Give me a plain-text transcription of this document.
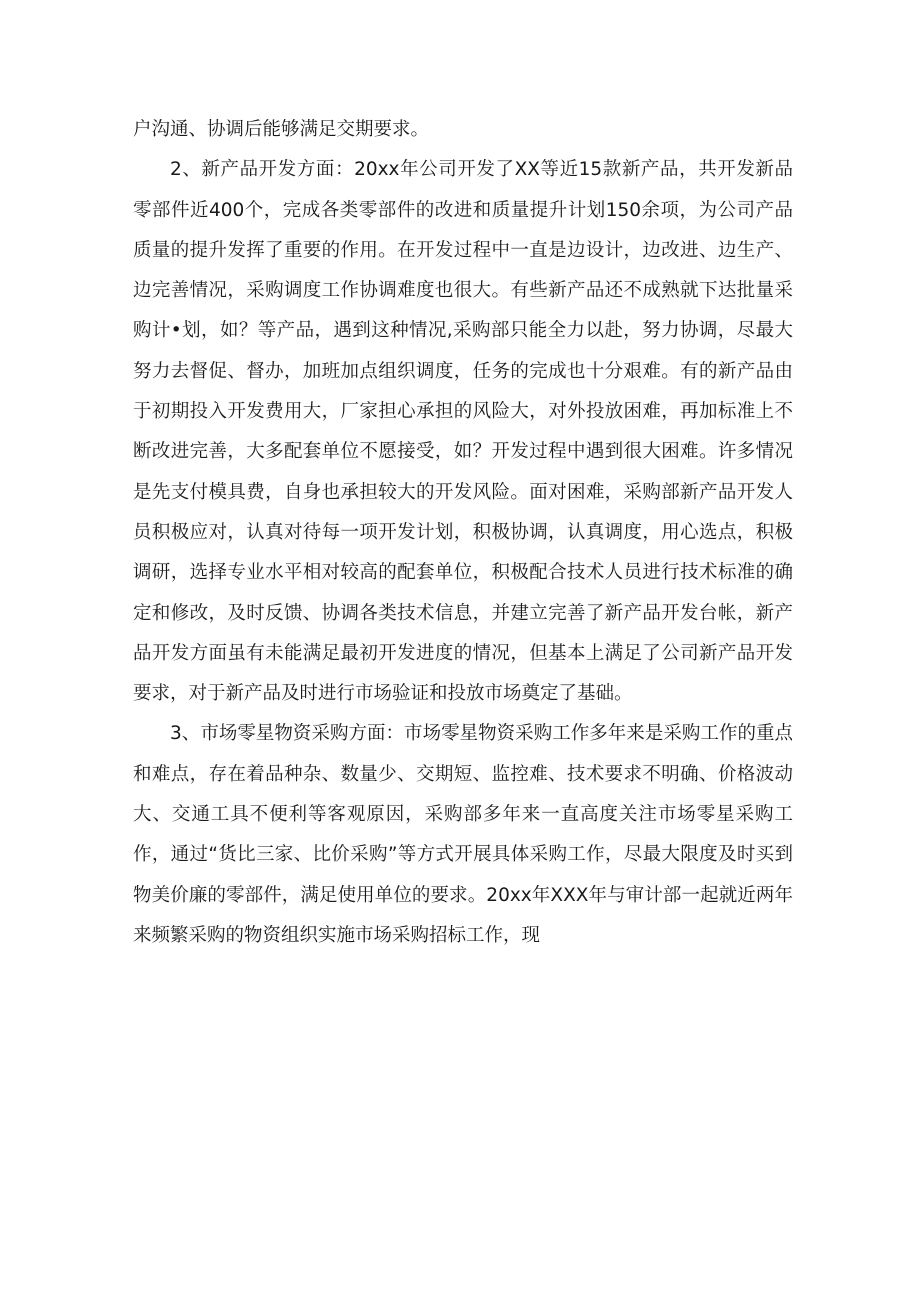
户沟通、协调后能够满足交期要求。

2、新产品开发方面：20xx年公司开发了XX等近15款新产品，共开发新品零部件近400个，完成各类零部件的改进和质量提升计划150余项，为公司产品质量的提升发挥了重要的作用。在开发过程中一直是边设计，边改进、边生产、边完善情况，采购调度工作协调难度也很大。有些新产品还不成熟就下达批量采购计•划，如？等产品，遇到这种情况,采购部只能全力以赴，努力协调，尽最大努力去督促、督办，加班加点组织调度，任务的完成也十分艰难。有的新产品由于初期投入开发费用大，厂家担心承担的风险大，对外投放困难，再加标准上不断改进完善，大多配套单位不愿接受，如？开发过程中遇到很大困难。许多情况是先支付模具费，自身也承担较大的开发风险。面对困难，采购部新产品开发人员积极应对，认真对待每一项开发计划，积极协调，认真调度，用心选点，积极调研，选择专业水平相对较高的配套单位，积极配合技术人员进行技术标准的确定和修改，及时反馈、协调各类技术信息，并建立完善了新产品开发台帐，新产品开发方面虽有未能满足最初开发进度的情况，但基本上满足了公司新产品开发要求，对于新产品及时进行市场验证和投放市场奠定了基础。

3、市场零星物资采购方面：市场零星物资采购工作多年来是采购工作的重点和难点，存在着品种杂、数量少、交期短、监控难、技术要求不明确、价格波动大、交通工具不便利等客观原因，采购部多年来一直高度关注市场零星采购工作，通过“货比三家、比价采购”等方式开展具体采购工作，尽最大限度及时买到物美价廉的零部件，满足使用单位的要求。20xx年XXX年与审计部一起就近两年来频繁采购的物资组织实施市场采购招标工作，现
